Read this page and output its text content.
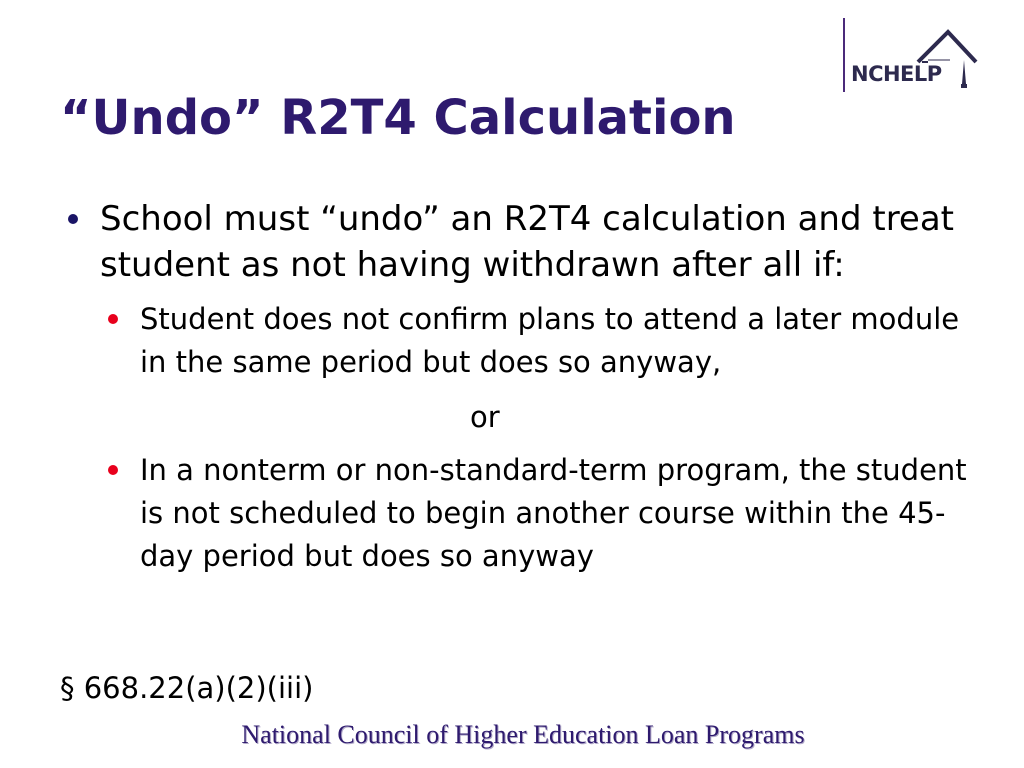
“Undo” R2T4 Calculation
NCHELP
School must “undo” an R2T4 calculation and treat student as not having withdrawn after all if:
Student does not confirm plans to attend a later module in the same period but does so anyway,
or
In a nonterm or non-standard-term program, the student is not scheduled to begin another course within the 45-day period but does so anyway
§ 668.22(a)(2)(iii)
National Council of Higher Education Loan Programs
